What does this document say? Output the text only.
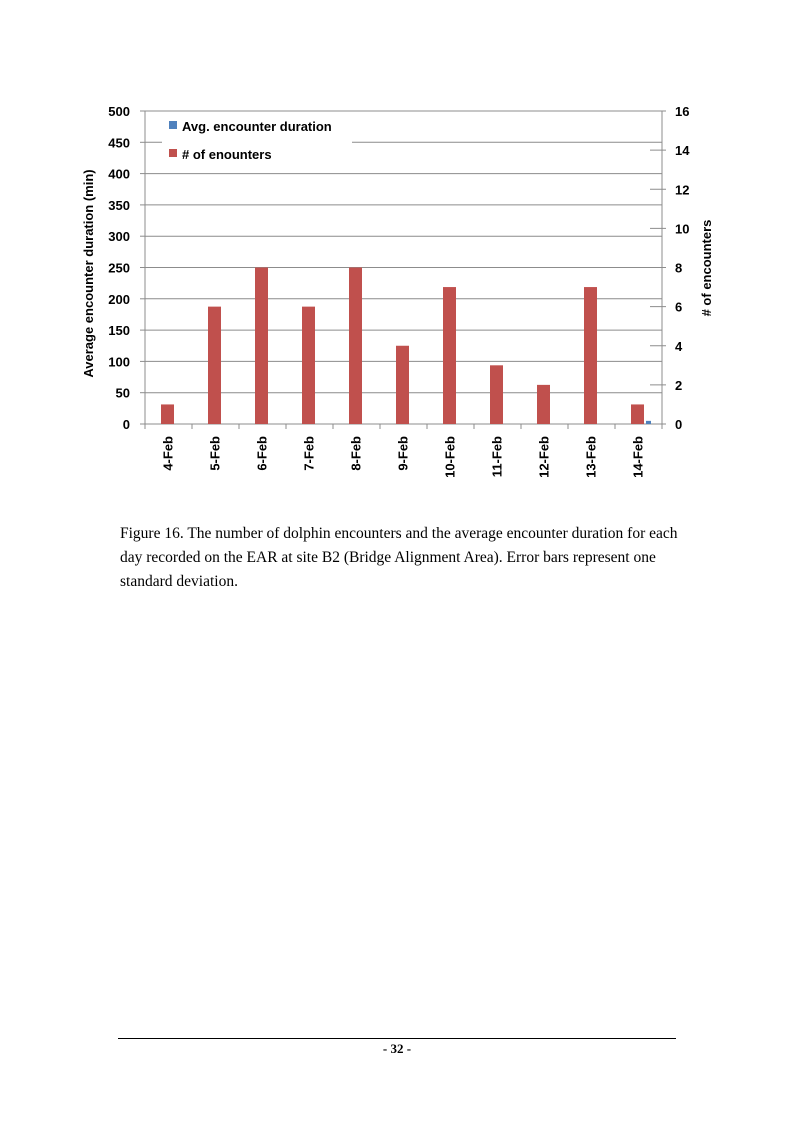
0
50
100
150
200
250
300
350
400
450
500
0
2
4
6
8
10
12
14
16
4-Feb 5-Feb 6-Feb 7-Feb 8-Feb 9-Feb 10-Feb 11-Feb 12-Feb 13-Feb 14-Feb
Average encounter duration (min)	# of encounters
Avg. encounter duration
# of enounters

Figure 16. The number of dolphin encounters and the average encounter duration for each day recorded on the EAR at site B2 (Bridge Alignment Area). Error bars represent one standard deviation.

- 32 -
